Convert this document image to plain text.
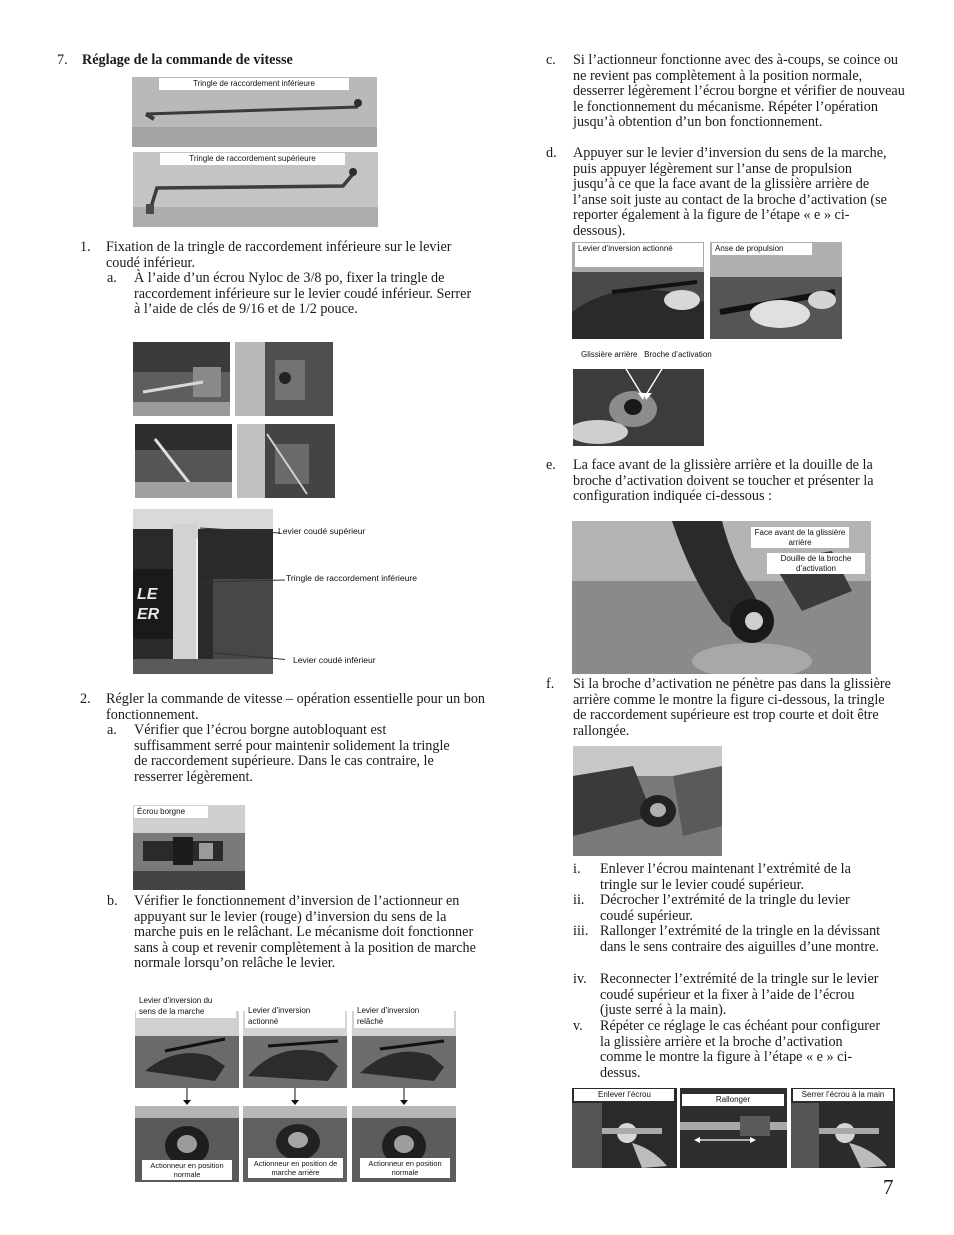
7. Réglage de la commande de vitesse
Tringle de raccordement inférieure
Tringle de raccordement supérieure
1. Fixation de la tringle de raccordement inférieure sur le levier coudé inférieur.
a. À l’aide d’un écrou Nyloc de 3/8 po, fixer la tringle de raccordement inférieure sur le levier coudé inférieur. Serrer à l’aide de clés de 9/16 et de 1/2 pouce.
LE
ER
Levier coudé supérieur
Tringle de raccordement inférieure
Levier coudé inférieur
2. Régler la commande de vitesse – opération essentielle pour un bon fonctionnement.
a. Vérifier que l’écrou borgne autobloquant est suffisamment serré pour maintenir solidement la tringle de raccordement supérieure. Dans le cas contraire, le resserrer légèrement.
Écrou borgne
b. Vérifier le fonctionnement d’inversion de l’actionneur en appuyant sur le levier (rouge) d’inversion du sens de la marche puis en le relâchant. Le mécanisme doit fonctionner sans à coup et revenir complètement à la position de marche normale lorsqu’on relâche le levier.
Levier d’inversion du
sens de la marche	Levier d’inversion
actionné
Levier d’inversion
relâché
Actionneur en position
normale
Actionneur en position de
marche arrière
Actionneur en position
normale
c. Si l’actionneur fonctionne avec des à-coups, se coince ou ne revient pas complètement à la position normale, desserrer légèrement l’écrou borgne et vérifier de nouveau le fonctionnement du mécanisme. Répéter l’opération jusqu’à obtention d’un bon fonctionnement.
d. Appuyer sur le levier d’inversion du sens de la marche, puis appuyer légèrement sur l’anse de propulsion jusqu’à ce que la face avant de la glissière arrière de l’anse soit juste au contact de la broche d’activation (se reporter également à la figure de l’étape « e » ci-dessous).
Levier d’inversion actionné	Anse de propulsion
Glissière arrière Broche d’activation
e. La face avant de la glissière arrière et la douille de la broche d’activation doivent se toucher et présenter la configuration indiquée ci-dessous :
Face avant de la glissière
arrière
Douille de la broche
d’activation
f. Si la broche d’activation ne pénètre pas dans la glissière arrière comme le montre la figure ci-dessous, la tringle de raccordement supérieure est trop courte et doit être rallongée.
i. Enlever l’écrou maintenant l’extrémité de la tringle sur le levier coudé supérieur.
ii. Décrocher l’extrémité de la tringle du levier coudé supérieur.
iii. Rallonger l’extrémité de la tringle en la dévissant dans le sens contraire des aiguilles d’une montre.
iv. Reconnecter l’extrémité de la tringle sur le levier coudé supérieur et la fixer à l’aide de l’écrou (juste serré à la main).
v. Répéter ce réglage le cas échéant pour configurer la glissière arrière et la broche d’activation comme le montre la figure à l’étape « e » ci-dessus.
Enlever l’écrou
Rallonger
Serrer l’écrou à la main
7
